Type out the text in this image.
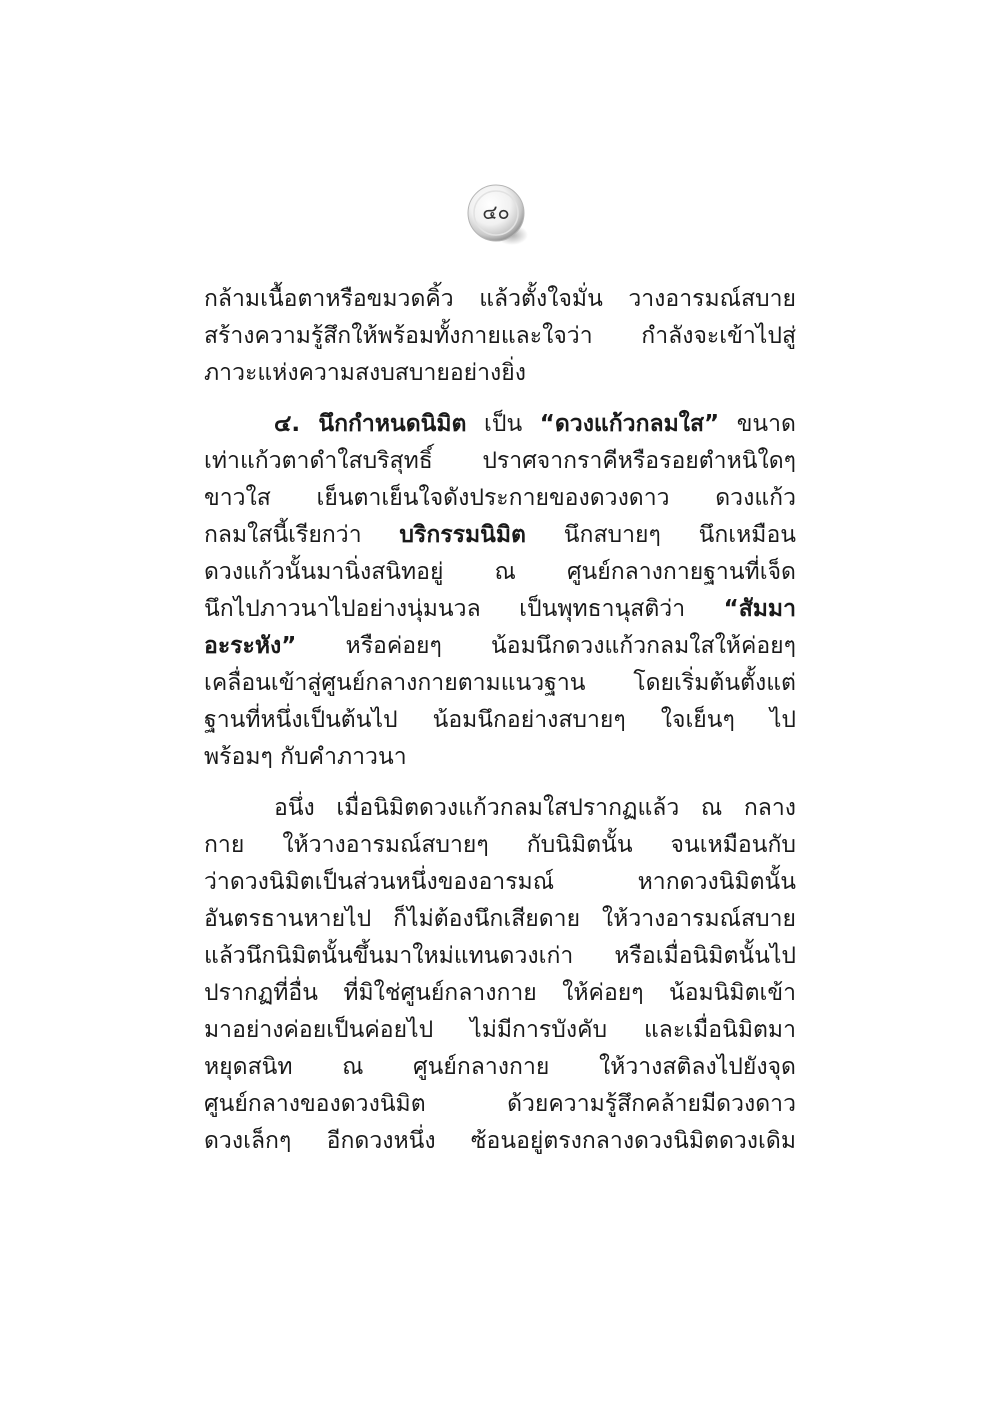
๔๐
กล้ามเนื้อตาหรือขมวดคิ้ว แล้วตั้งใจมั่น วางอารมณ์สบาย
สร้างความรู้สึกให้พร้อมทั้งกายและใจว่า กำลังจะเข้าไปสู่
ภาวะแห่งความสงบสบายอย่างยิ่ง
๔. นึกกำหนดนิมิต เป็น “ดวงแก้วกลมใส” ขนาด
เท่าแก้วตาดำใสบริสุทธิ์ ปราศจากราคีหรือรอยตำหนิใดๆ
ขาวใส เย็นตาเย็นใจดังประกายของดวงดาว ดวงแก้ว
กลมใสนี้เรียกว่า บริกรรมนิมิต นึกสบายๆ นึกเหมือน
ดวงแก้วนั้นมานิ่งสนิทอยู่ ณ ศูนย์กลางกายฐานที่เจ็ด
นึกไปภาวนาไปอย่างนุ่มนวล เป็นพุทธานุสติว่า “สัมมา
อะระหัง” หรือค่อยๆ น้อมนึกดวงแก้วกลมใสให้ค่อยๆ
เคลื่อนเข้าสู่ศูนย์กลางกายตามแนวฐาน โดยเริ่มต้นตั้งแต่
ฐานที่หนึ่งเป็นต้นไป น้อมนึกอย่างสบายๆ ใจเย็นๆ ไป
พร้อมๆ กับคำภาวนา
อนึ่ง เมื่อนิมิตดวงแก้วกลมใสปรากฏแล้ว ณ กลาง
กาย ให้วางอารมณ์สบายๆ กับนิมิตนั้น จนเหมือนกับ
ว่าดวงนิมิตเป็นส่วนหนึ่งของอารมณ์ หากดวงนิมิตนั้น
อันตรธานหายไป ก็ไม่ต้องนึกเสียดาย ให้วางอารมณ์สบาย
แล้วนึกนิมิตนั้นขึ้นมาใหม่แทนดวงเก่า หรือเมื่อนิมิตนั้นไป
ปรากฏที่อื่น ที่มิใช่ศูนย์กลางกาย ให้ค่อยๆ น้อมนิมิตเข้า
มาอย่างค่อยเป็นค่อยไป ไม่มีการบังคับ และเมื่อนิมิตมา
หยุดสนิท ณ ศูนย์กลางกาย ให้วางสติลงไปยังจุด
ศูนย์กลางของดวงนิมิต ด้วยความรู้สึกคล้ายมีดวงดาว
ดวงเล็กๆ อีกดวงหนึ่ง ซ้อนอยู่ตรงกลางดวงนิมิตดวงเดิม
